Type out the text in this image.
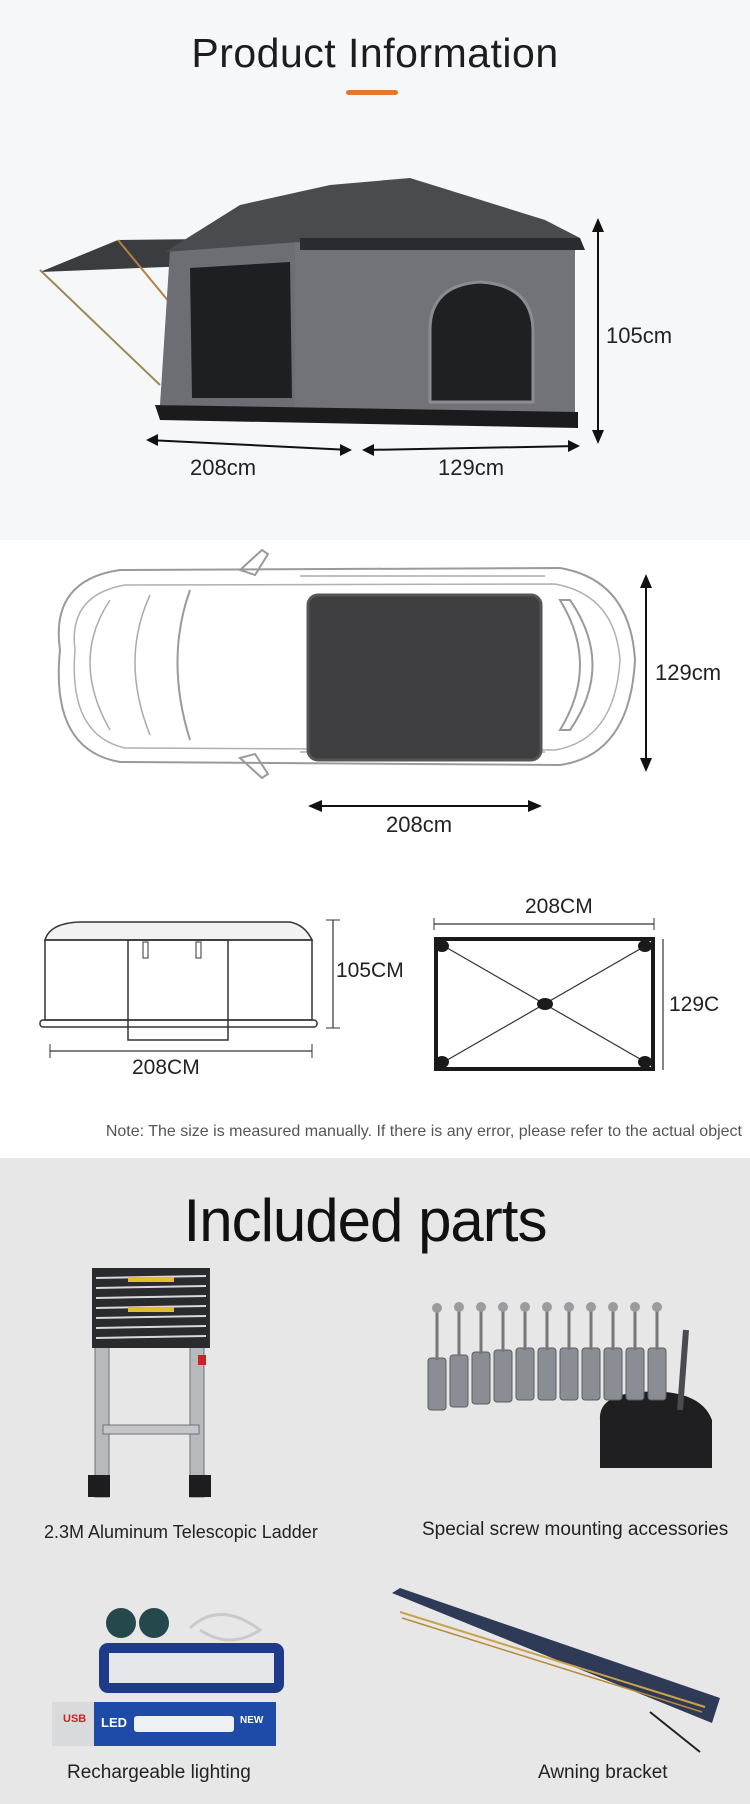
Product Information
208cm	129cm
105cm
129cm
208cm
105CM
208CM
208CM
129C
Note: The size is measured manually. If there is any error, please refer to the actual object
Included parts
2.3M Aluminum Telescopic Ladder	Special screw mounting accessories
USB LED	NEW
Rechargeable lighting	Awning bracket
